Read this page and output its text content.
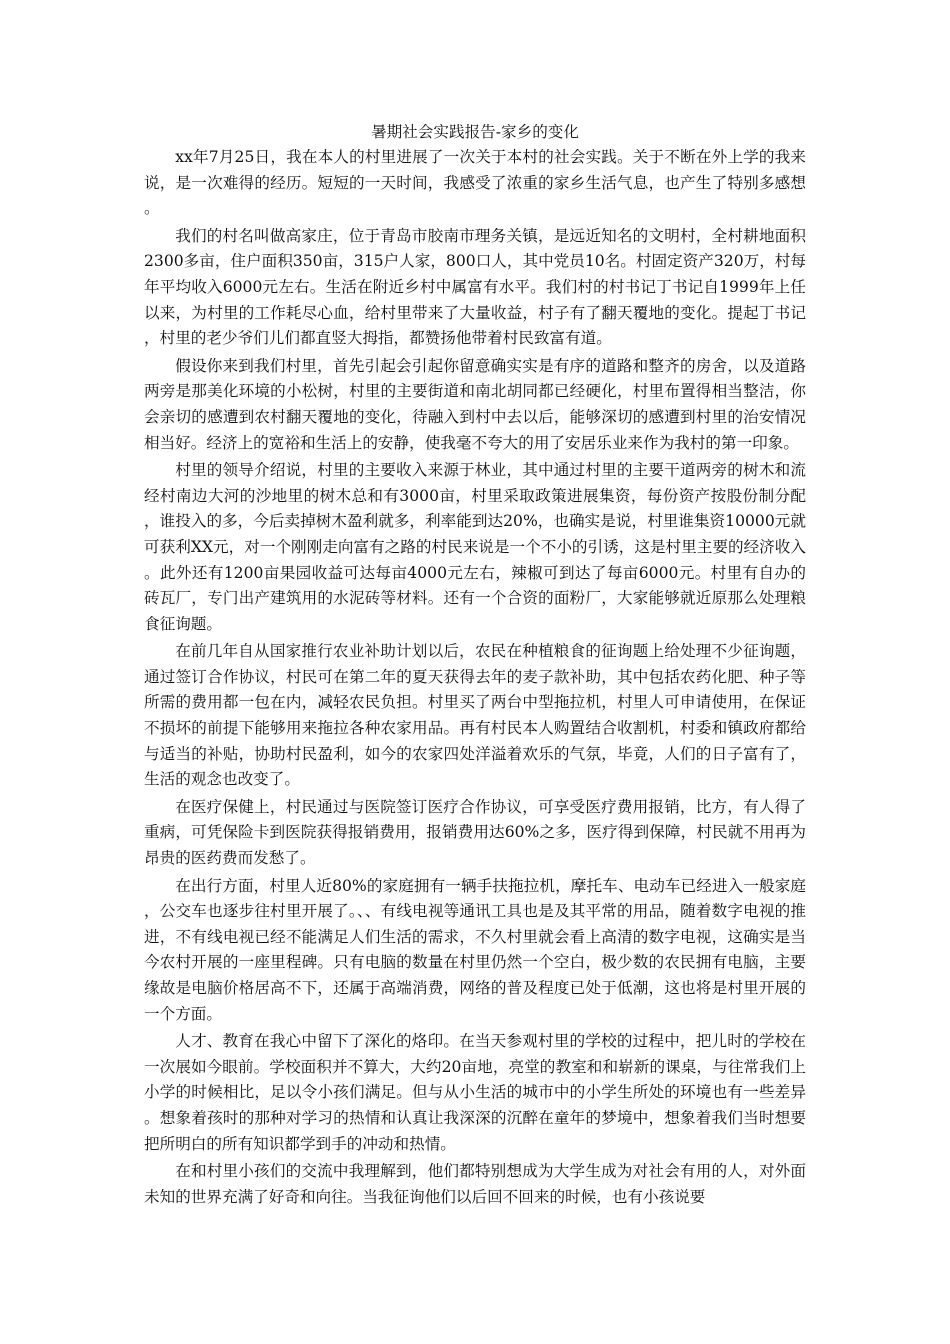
暑期社会实践报告-家乡的变化

xx年7月25日，我在本人的村里进展了一次关于本村的社会实践。关于不断在外上学的我来说，是一次难得的经历。短短的一天时间，我感受了浓重的家乡生活气息，也产生了特别多感想。

我们的村名叫做高家庄，位于青岛市胶南市理务关镇，是远近知名的文明村，全村耕地面积2300多亩，住户面积350亩，315户人家，800口人，其中党员10名。村固定资产320万，村每年平均收入6000元左右。生活在附近乡村中属富有水平。我们村的村书记丁书记自1999年上任以来，为村里的工作耗尽心血，给村里带来了大量收益，村子有了翻天覆地的变化。提起丁书记，村里的老少爷们儿们都直竖大拇指，都赞扬他带着村民致富有道。

假设你来到我们村里，首先引起会引起你留意确实实是有序的道路和整齐的房舍，以及道路两旁是那美化环境的小松树，村里的主要街道和南北胡同都已经硬化，村里布置得相当整洁，你会亲切的感遭到农村翻天覆地的变化，待融入到村中去以后，能够深切的感遭到村里的治安情况相当好。经济上的宽裕和生活上的安静，使我毫不夸大的用了安居乐业来作为我村的第一印象。

村里的领导介绍说，村里的主要收入来源于林业，其中通过村里的主要干道两旁的树木和流经村南边大河的沙地里的树木总和有3000亩，村里采取政策进展集资，每份资产按股份制分配，谁投入的多，今后卖掉树木盈利就多，利率能到达20%，也确实是说，村里谁集资10000元就可获利XX元，对一个刚刚走向富有之路的村民来说是一个不小的引诱，这是村里主要的经济收入。此外还有1200亩果园收益可达每亩4000元左右，辣椒可到达了每亩6000元。村里有自办的砖瓦厂，专门出产建筑用的水泥砖等材料。还有一个合资的面粉厂，大家能够就近原那么处理粮食征询题。

在前几年自从国家推行农业补助计划以后，农民在种植粮食的征询题上给处理不少征询题，通过签订合作协议，村民可在第二年的夏天获得去年的麦子款补助，其中包括农药化肥、种子等所需的费用都一包在内，减轻农民负担。村里买了两台中型拖拉机，村里人可申请使用，在保证不损坏的前提下能够用来拖拉各种农家用品。再有村民本人购置结合收割机，村委和镇政府都给与适当的补贴，协助村民盈利，如今的农家四处洋溢着欢乐的气氛，毕竟，人们的日子富有了，生活的观念也改变了。

在医疗保健上，村民通过与医院签订医疗合作协议，可享受医疗费用报销，比方，有人得了重病，可凭保险卡到医院获得报销费用，报销费用达60%之多，医疗得到保障，村民就不用再为昂贵的医药费而发愁了。

在出行方面，村里人近80%的家庭拥有一辆手扶拖拉机，摩托车、电动车已经进入一般家庭，公交车也逐步往村里开展了。、、有线电视等通讯工具也是及其平常的用品，随着数字电视的推进，不有线电视已经不能满足人们生活的需求，不久村里就会看上高清的数字电视，这确实是当今农村开展的一座里程碑。只有电脑的数量在村里仍然一个空白，极少数的农民拥有电脑，主要缘故是电脑价格居高不下，还属于高端消费，网络的普及程度已处于低潮，这也将是村里开展的一个方面。

人才、教育在我心中留下了深化的烙印。在当天参观村里的学校的过程中，把儿时的学校在一次展如今眼前。学校面积并不算大，大约20亩地，亮堂的教室和和崭新的课桌，与往常我们上小学的时候相比，足以令小孩们满足。但与从小生活的城市中的小学生所处的环境也有一些差异。想象着孩时的那种对学习的热情和认真让我深深的沉醉在童年的梦境中，想象着我们当时想要把所明白的所有知识都学到手的冲动和热情。

在和村里小孩们的交流中我理解到，他们都特别想成为大学生成为对社会有用的人，对外面未知的世界充满了好奇和向往。当我征询他们以后回不回来的时候，也有小孩说要
